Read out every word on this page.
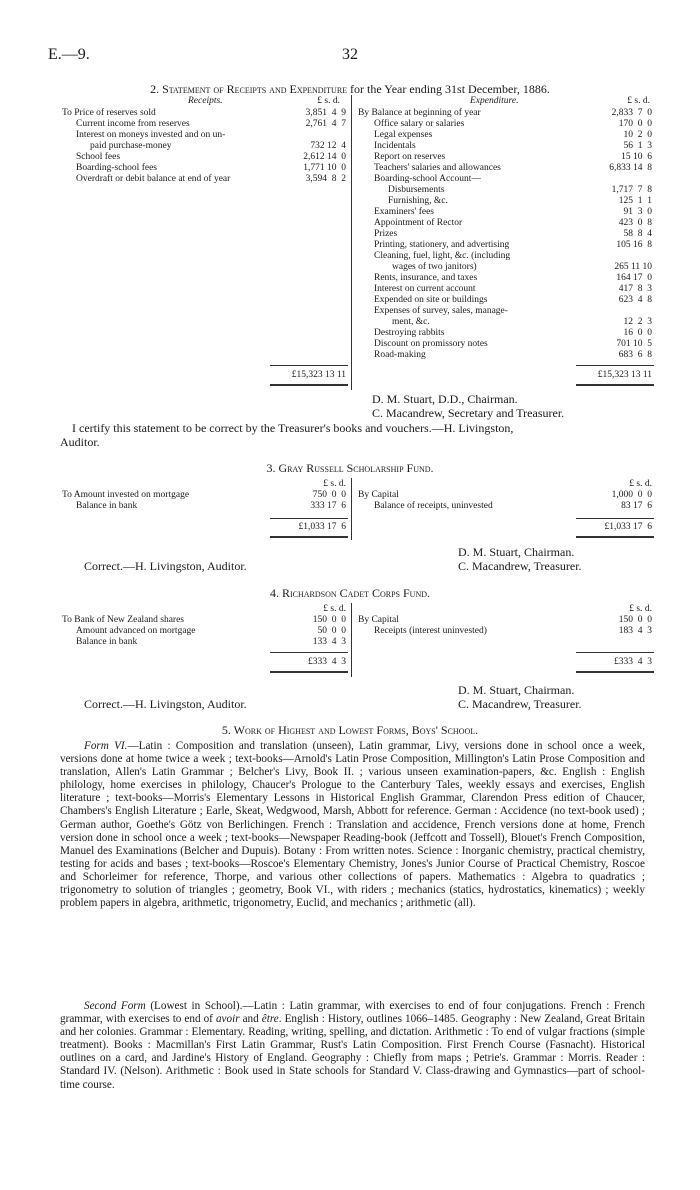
E.—9.	32
2. Statement of Receipts and Expenditure for the Year ending 31st December, 1886.
Receipts.	Expenditure.
£ s. d.	£ s. d.
To Price of reserves sold	3,851  4  9
Current income from reserves	2,761  4  7
Interest on moneys invested and on un-
paid purchase-money	732 12  4
School fees	2,612 14  0
Boarding-school fees	1,771 10  0
Overdraft or debit balance at end of year	3,594  8  2
By Balance at beginning of year	2,833  7  0
Office salary or salaries	170  0  0
Legal expenses	10  2  0
Incidentals	56  1  3
Report on reserves	15 10  6
Teachers' salaries and allowances	6,833 14  8
Boarding-school Account—
Disbursements	1,717  7  8
Furnishing, &c.	125  1  1
Examiners' fees	91  3  0
Appointment of Rector	423  0  8
Prizes	58  8  4
Printing, stationery, and advertising	105 16  8
Cleaning, fuel, light, &c. (including
wages of two janitors)	265 11 10
Rents, insurance, and taxes	164 17  0
Interest on current account	417  8  3
Expended on site or buildings	623  4  8
Expenses of survey, sales, manage-
ment, &c.	12  2  3
Destroying rabbits	16  0  0
Discount on promissory notes	701 10  5
Road-making	683  6  8
£15,323 13 11	£15,323 13 11
D. M. Stuart, D.D., Chairman.
C. Macandrew, Secretary and Treasurer.
I certify this statement to be correct by the Treasurer's books and vouchers.—H. Livingston,
Auditor.
3. Gray Russell Scholarship Fund.
£ s. d.	£ s. d.
To Amount invested on mortgage	750  0  0
Balance in bank	333 17  6
By Capital	1,000  0  0
Balance of receipts, uninvested	83 17  6
£1,033 17  6	£1,033 17  6
D. M. Stuart, Chairman.
Correct.—H. Livingston, Auditor.	C. Macandrew, Treasurer.
4. Richardson Cadet Corps Fund.
£ s. d.	£ s. d.
To Bank of New Zealand shares	150  0  0
Amount advanced on mortgage	50  0  0
Balance in bank	133  4  3
By Capital	150  0  0
Receipts (interest uninvested)	183  4  3
£333  4  3	£333  4  3
D. M. Stuart, Chairman.
Correct.—H. Livingston, Auditor.	C. Macandrew, Treasurer.
5. Work of Highest and Lowest Forms, Boys' School.
Form VI.—Latin : Composition and translation (unseen), Latin grammar, Livy, versions done in school once a week, versions done at home twice a week ; text-books—Arnold's Latin Prose Composition, Millington's Latin Prose Composition and translation, Allen's Latin Grammar ; Belcher's Livy, Book II. ; various unseen examination-papers, &c. English : English philology, home exercises in philology, Chaucer's Prologue to the Canterbury Tales, weekly essays and exercises, English literature ; text-books—Morris's Elementary Lessons in Historical English Grammar, Clarendon Press edition of Chaucer, Chambers's English Literature ; Earle, Skeat, Wedgwood, Marsh, Abbott for reference. German : Accidence (no text-book used) ; German author, Goethe's Götz von Berlichingen. French : Translation and accidence, French versions done at home, French version done in school once a week ; text-books—Newspaper Reading-book (Jeffcott and Tossell), Blouet's French Composition, Manuel des Examinations (Belcher and Dupuis). Botany : From written notes. Science : Inorganic chemistry, practical chemistry, testing for acids and bases ; text-books—Roscoe's Elementary Chemistry, Jones's Junior Course of Practical Chemistry, Roscoe and Schorleimer for reference, Thorpe, and various other collections of papers. Mathematics : Algebra to quadratics ; trigonometry to solution of triangles ; geometry, Book VI., with riders ; mechanics (statics, hydrostatics, kinematics) ; weekly problem papers in algebra, arithmetic, trigonometry, Euclid, and mechanics ; arithmetic (all).
Second Form (Lowest in School).—Latin : Latin grammar, with exercises to end of four conjugations. French : French grammar, with exercises to end of avoir and être. English : History, outlines 1066–1485. Geography : New Zealand, Great Britain and her colonies. Grammar : Elementary. Reading, writing, spelling, and dictation. Arithmetic : To end of vulgar fractions (simple treatment). Books : Macmillan's First Latin Grammar, Rust's Latin Composition. First French Course (Fasnacht). Historical outlines on a card, and Jardine's History of England. Geography : Chiefly from maps ; Petrie's. Grammar : Morris. Reader : Standard IV. (Nelson). Arithmetic : Book used in State schools for Standard V. Class-drawing and Gymnastics—part of school-time course.
